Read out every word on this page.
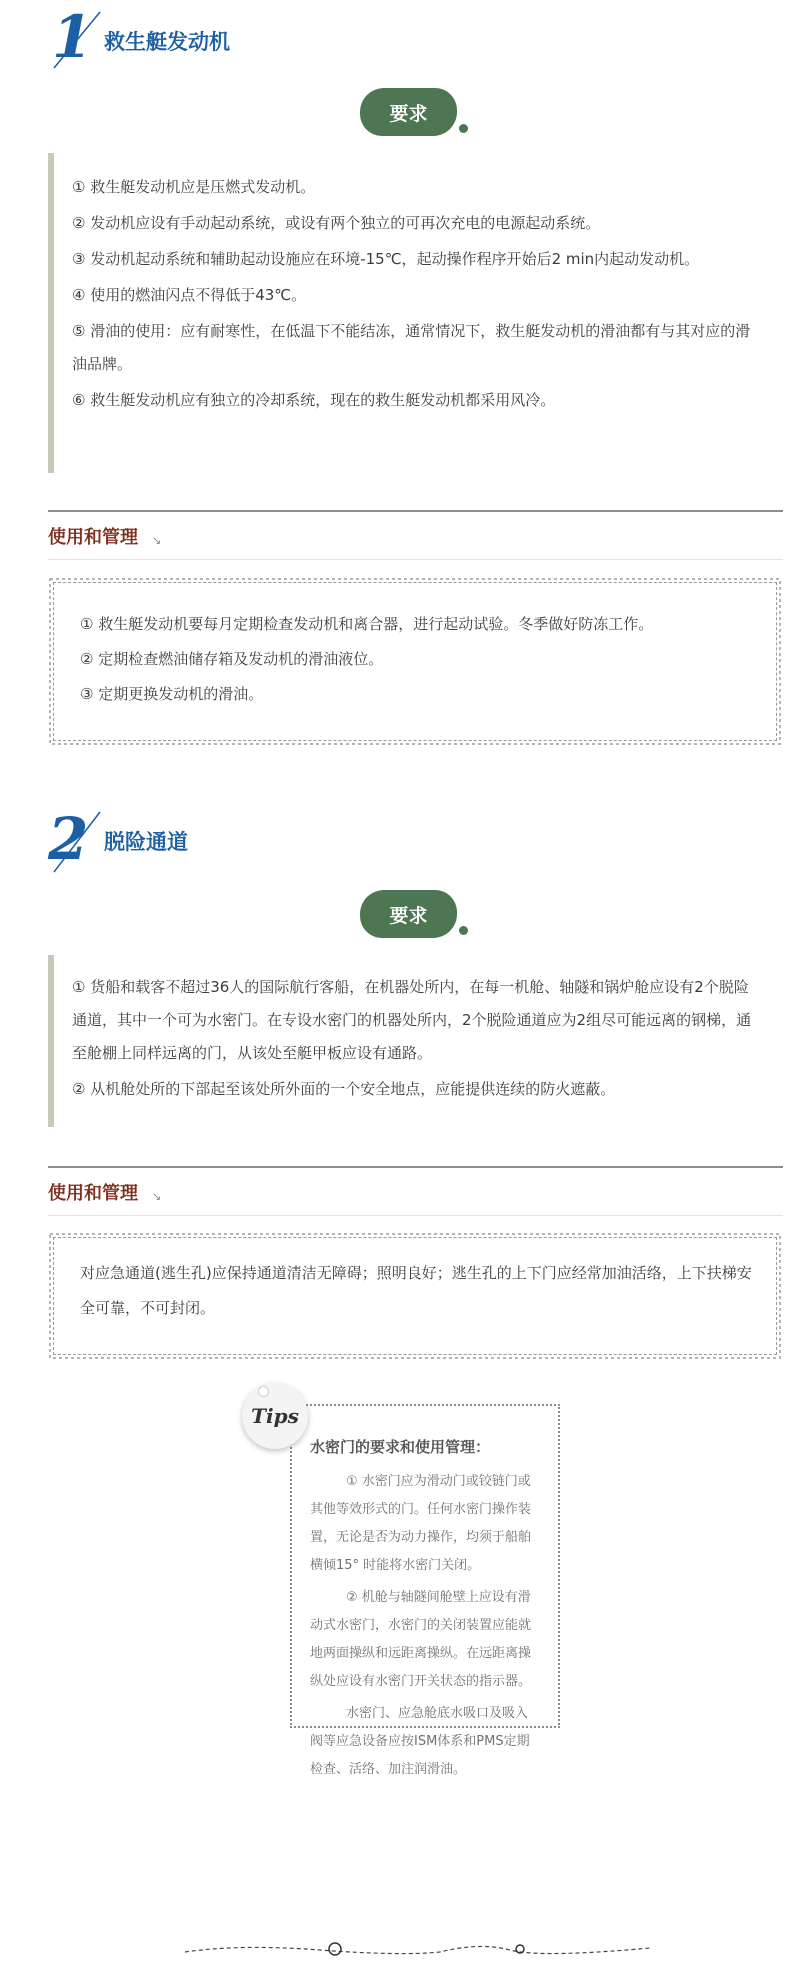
1 救生艇发动机
要求

① 救生艇发动机应是压燃式发动机。

② 发动机应设有手动起动系统，或设有两个独立的可再次充电的电源起动系统。

③ 发动机起动系统和辅助起动设施应在环境-15℃，起动操作程序开始后2 min内起动发动机。

④ 使用的燃油闪点不得低于43℃。

⑤ 滑油的使用：应有耐寒性，在低温下不能结冻，通常情况下，救生艇发动机的滑油都有与其对应的滑油品牌。

⑥ 救生艇发动机应有独立的冷却系统，现在的救生艇发动机都采用风冷。

使用和管理 ↘

① 救生艇发动机要每月定期检查发动机和离合器，进行起动试验。冬季做好防冻工作。

② 定期检查燃油储存箱及发动机的滑油液位。

③ 定期更换发动机的滑油。

2 脱险通道
要求

① 货船和载客不超过36人的国际航行客船，在机器处所内，在每一机舱、轴隧和锅炉舱应设有2个脱险通道，其中一个可为水密门。在专设水密门的机器处所内，2个脱险通道应为2组尽可能远离的钢梯，通至舱棚上同样远离的门，从该处至艇甲板应设有通路。

② 从机舱处所的下部起至该处所外面的一个安全地点，应能提供连续的防火遮蔽。

使用和管理 ↘

对应急通道(逃生孔)应保持通道清洁无障碍；照明良好；逃生孔的上下门应经常加油活络，上下扶梯安全可靠，不可封闭。

水密门的要求和使用管理：

① 水密门应为滑动门或铰链门或其他等效形式的门。任何水密门操作装置，无论是否为动力操作，均须于船舶横倾15° 时能将水密门关闭。

② 机舱与轴隧间舱壁上应设有滑动式水密门，水密门的关闭装置应能就地两面操纵和远距离操纵。在远距离操纵处应设有水密门开关状态的指示器。

水密门、应急舱底水吸口及吸入阀等应急设备应按ISM体系和PMS定期检查、活络、加注润滑油。

Tips
